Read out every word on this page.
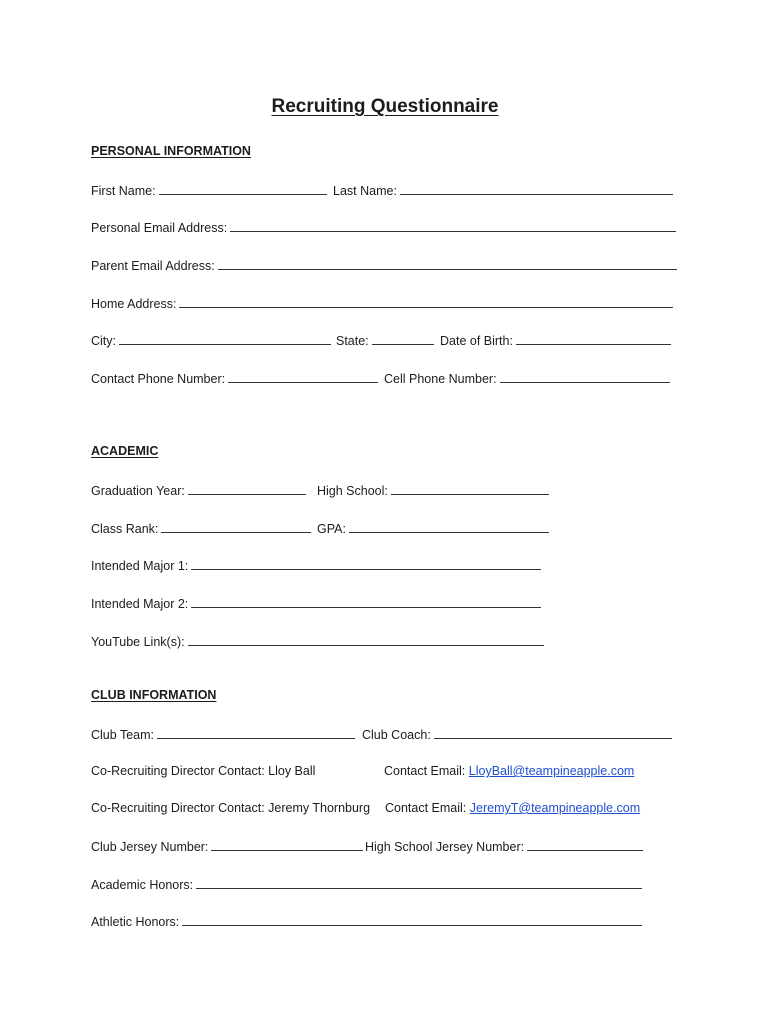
Recruiting Questionnaire
PERSONAL INFORMATION
First Name:	Last Name:
Personal Email Address:
Parent Email Address:
Home Address:
City:	State:	Date of Birth:
Contact Phone Number:	Cell Phone Number:
ACADEMIC
Graduation Year:	High School:
Class Rank:	GPA:
Intended Major 1:
Intended Major 2:
YouTube Link(s):
CLUB INFORMATION
Club Team:	Club Coach:
Co-Recruiting Director Contact: Lloy Ball	Contact Email: LloyBall@teampineapple.com
Co-Recruiting Director Contact: Jeremy Thornburg Contact Email: JeremyT@teampineapple.com
Club Jersey Number:	High School Jersey Number:
Academic Honors:
Athletic Honors:
